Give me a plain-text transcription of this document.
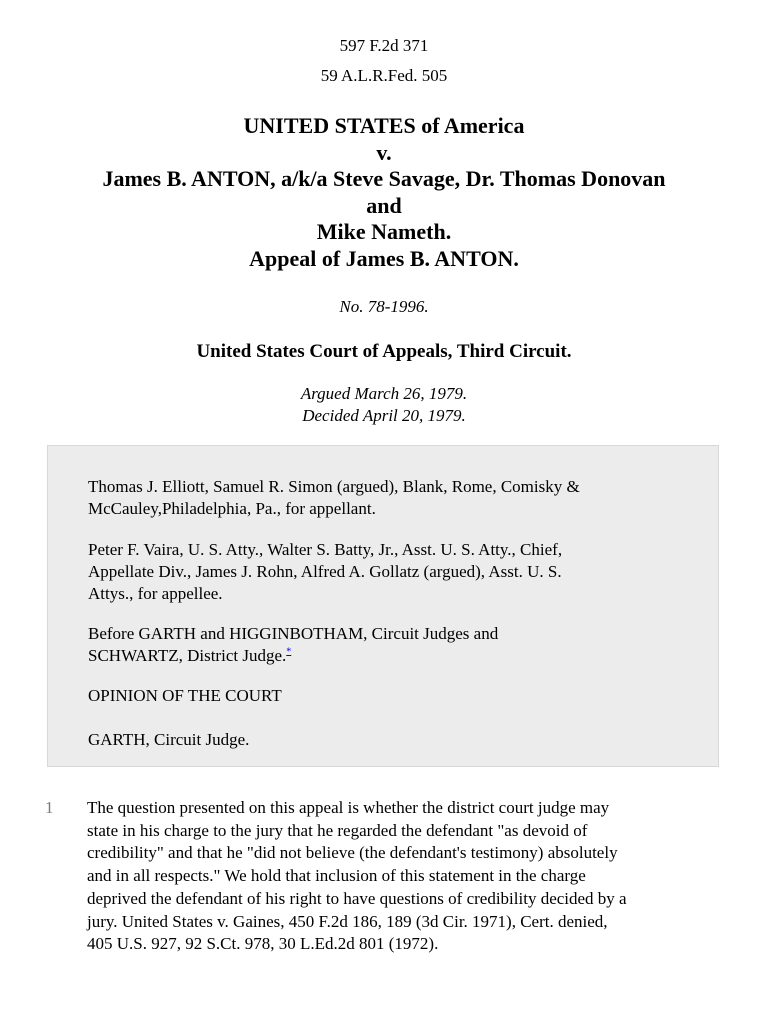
597 F.2d 371
59 A.L.R.Fed. 505
UNITED STATES of America
v.
James B. ANTON, a/k/a Steve Savage, Dr. Thomas Donovan
and
Mike Nameth.
Appeal of James B. ANTON.
No. 78-1996.
United States Court of Appeals, Third Circuit.
Argued March 26, 1979.
Decided April 20, 1979.
Thomas J. Elliott, Samuel R. Simon (argued), Blank, Rome, Comisky &
McCauley,Philadelphia, Pa., for appellant.
Peter F. Vaira, U. S. Atty., Walter S. Batty, Jr., Asst. U. S. Atty., Chief,
Appellate Div., James J. Rohn, Alfred A. Gollatz (argued), Asst. U. S.
Attys., for appellee.
Before GARTH and HIGGINBOTHAM, Circuit Judges and
SCHWARTZ, District Judge.*
OPINION OF THE COURT
GARTH, Circuit Judge.
1 The question presented on this appeal is whether the district court judge may
state in his charge to the jury that he regarded the defendant "as devoid of
credibility" and that he "did not believe (the defendant's testimony) absolutely
and in all respects." We hold that inclusion of this statement in the charge
deprived the defendant of his right to have questions of credibility decided by a
jury. United States v. Gaines, 450 F.2d 186, 189 (3d Cir. 1971), Cert. denied,
405 U.S. 927, 92 S.Ct. 978, 30 L.Ed.2d 801 (1972).
